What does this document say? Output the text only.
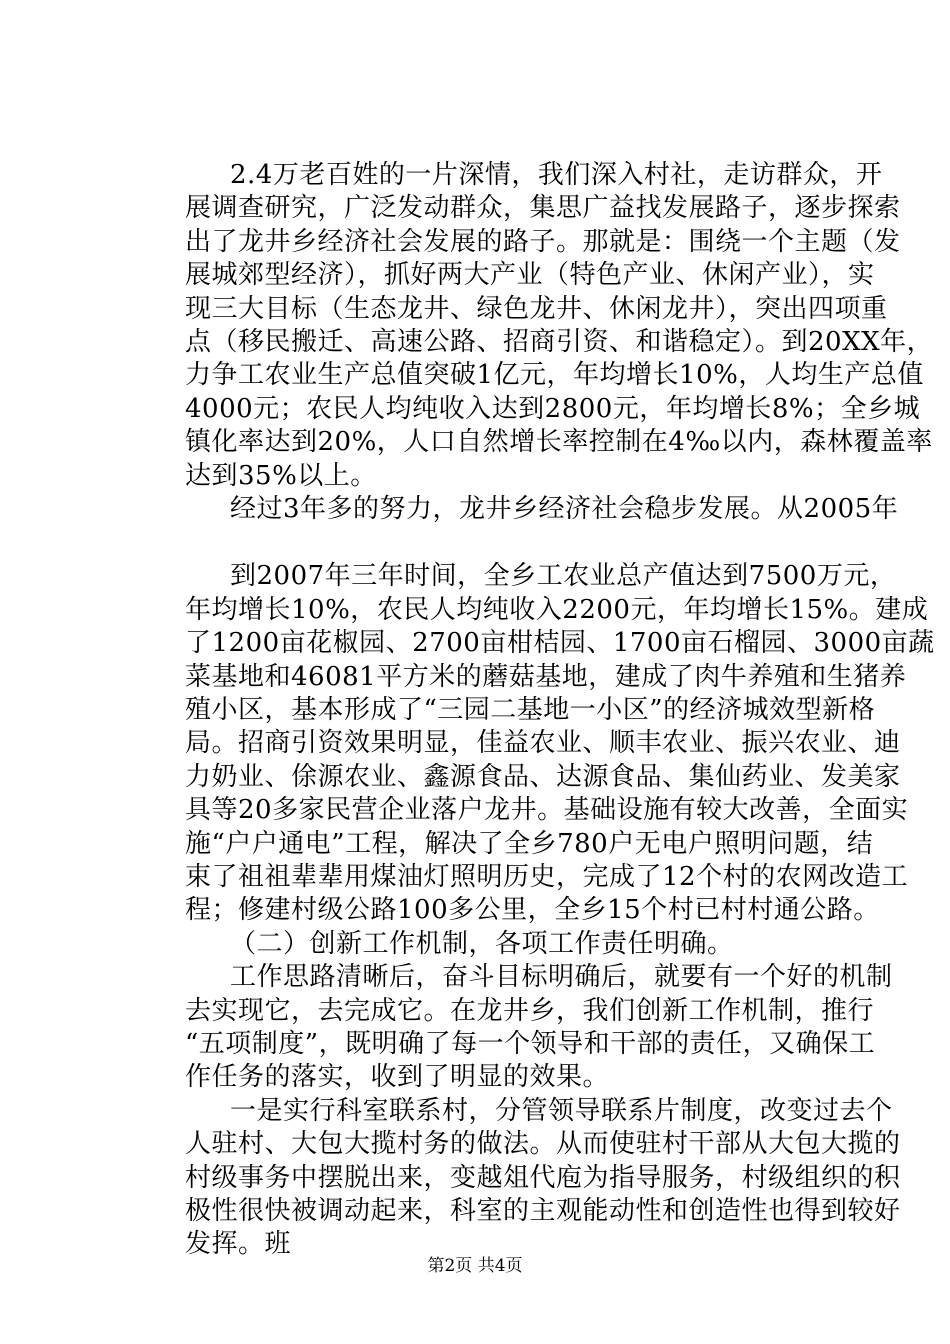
2.4万老百姓的一片深情，我们深入村社，走访群众，开
展调查研究，广泛发动群众，集思广益找发展路子，逐步探索
出了龙井乡经济社会发展的路子。那就是：围绕一个主题（发
展城郊型经济），抓好两大产业（特色产业、休闲产业），实
现三大目标（生态龙井、绿色龙井、休闲龙井），突出四项重
点（移民搬迁、高速公路、招商引资、和谐稳定）。到20XX年，
力争工农业生产总值突破1亿元，年均增长10%，人均生产总值
4000元；农民人均纯收入达到2800元，年均增长8%；全乡城
镇化率达到20%，人口自然增长率控制在4‰以内，森林覆盖率
达到35%以上。
经过3年多的努力，龙井乡经济社会稳步发展。从2005年
到2007年三年时间，全乡工农业总产值达到7500万元，
年均增长10%，农民人均纯收入2200元，年均增长15%。建成
了1200亩花椒园、2700亩柑桔园、1700亩石榴园、3000亩蔬
菜基地和46081平方米的蘑菇基地，建成了肉牛养殖和生猪养
殖小区，基本形成了“三园二基地一小区”的经济城效型新格
局。招商引资效果明显，佳益农业、顺丰农业、振兴农业、迪
力奶业、俆源农业、鑫源食品、达源食品、集仙药业、发美家
具等20多家民营企业落户龙井。基础设施有较大改善，全面实
施“户户通电”工程，解决了全乡780户无电户照明问题，结
束了祖祖辈辈用煤油灯照明历史，完成了12个村的农网改造工
程；修建村级公路100多公里，全乡15个村已村村通公路。
（二）创新工作机制，各项工作责任明确。
工作思路清晰后，奋斗目标明确后，就要有一个好的机制
去实现它，去完成它。在龙井乡，我们创新工作机制，推行
“五项制度”，既明确了每一个领导和干部的责任，又确保工
作任务的落实，收到了明显的效果。
一是实行科室联系村，分管领导联系片制度，改变过去个
人驻村、大包大揽村务的做法。从而使驻村干部从大包大揽的
村级事务中摆脱出来，变越俎代庖为指导服务，村级组织的积
极性很快被调动起来，科室的主观能动性和创造性也得到较好
发挥。班
第2页 共4页
